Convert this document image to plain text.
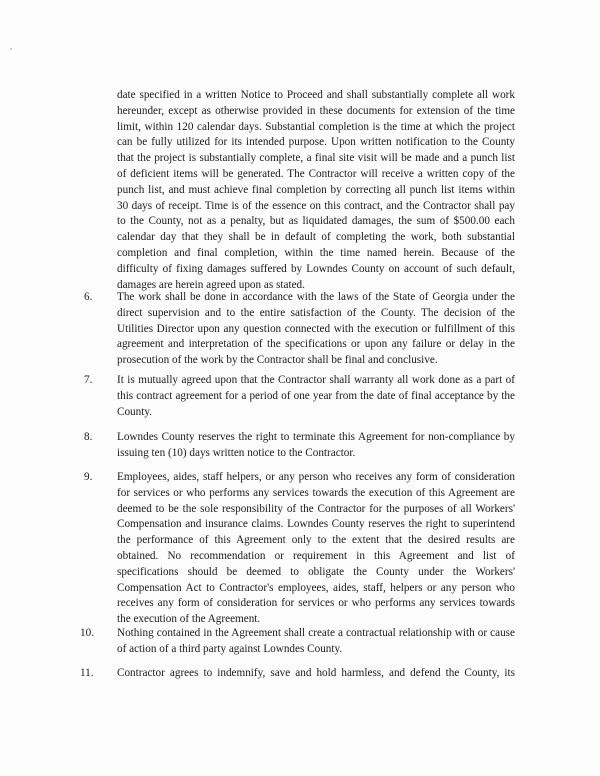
date specified in a written Notice to Proceed and shall substantially complete all work
hereunder, except as otherwise provided in these documents for extension of the time
limit, within 120 calendar days. Substantial completion is the time at which the project
can be fully utilized for its intended purpose. Upon written notification to the County
that the project is substantially complete, a final site visit will be made and a punch list
of deficient items will be generated. The Contractor will receive a written copy of the
punch list, and must achieve final completion by correcting all punch list items within
30 days of receipt. Time is of the essence on this contract, and the Contractor shall pay
to the County, not as a penalty, but as liquidated damages, the sum of $500.00 each
calendar day that they shall be in default of completing the work, both substantial
completion and final completion, within the time named herein. Because of the
difficulty of fixing damages suffered by Lowndes County on account of such default,
damages are herein agreed upon as stated.
6. The work shall be done in accordance with the laws of the State of Georgia under the
direct supervision and to the entire satisfaction of the County. The decision of the
Utilities Director upon any question connected with the execution or fulfillment of this
agreement and interpretation of the specifications or upon any failure or delay in the
prosecution of the work by the Contractor shall be final and conclusive.
7. It is mutually agreed upon that the Contractor shall warranty all work done as a part of
this contract agreement for a period of one year from the date of final acceptance by the
County.
8. Lowndes County reserves the right to terminate this Agreement for non-compliance by
issuing ten (10) days written notice to the Contractor.
9. Employees, aides, staff helpers, or any person who receives any form of consideration
for services or who performs any services towards the execution of this Agreement are
deemed to be the sole responsibility of the Contractor for the purposes of all Workers'
Compensation and insurance claims. Lowndes County reserves the right to superintend
the performance of this Agreement only to the extent that the desired results are
obtained. No recommendation or requirement in this Agreement and list of
specifications should be deemed to obligate the County under the Workers'
Compensation Act to Contractor's employees, aides, staff, helpers or any person who
receives any form of consideration for services or who performs any services towards
the execution of the Agreement.
10. Nothing contained in the Agreement shall create a contractual relationship with or cause
of action of a third party against Lowndes County.
11. Contractor agrees to indemnify, save and hold harmless, and defend the County, its
